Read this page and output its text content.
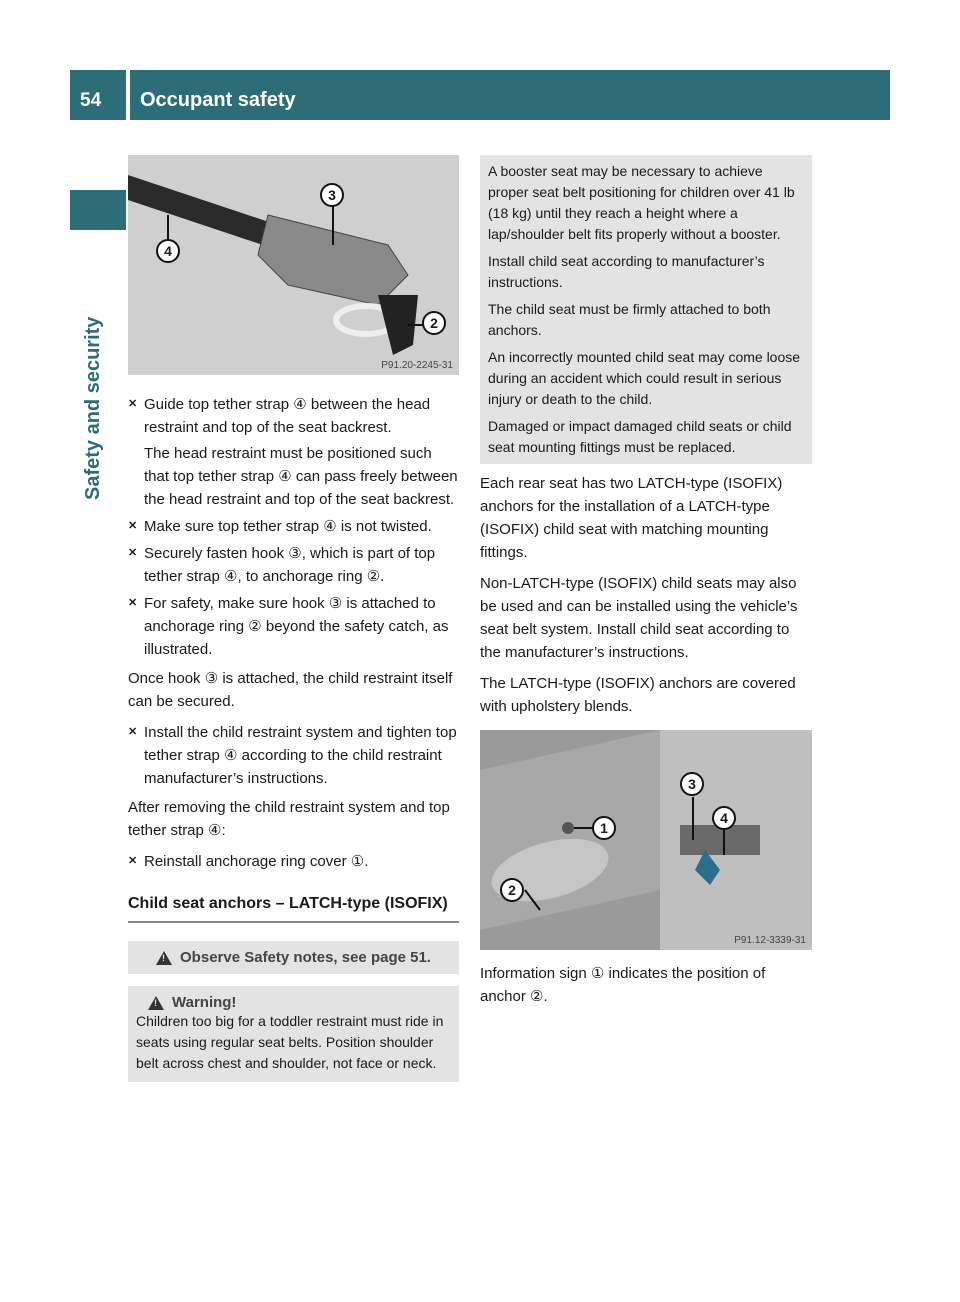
54	Occupant safety
Safety and security
3
4
2
P91.20-2245-31
✕ Guide top tether strap ④ between the head restraint and top of the seat backrest.
The head restraint must be positioned such that top tether strap ④ can pass freely between the head restraint and top of the seat backrest.
✕ Make sure top tether strap ④ is not twisted.
✕ Securely fasten hook ③, which is part of top tether strap ④, to anchorage ring ②.
✕ For safety, make sure hook ③ is attached to anchorage ring ② beyond the safety catch, as illustrated.

Once hook ③ is attached, the child restraint itself can be secured.

✕ Install the child restraint system and tighten top tether strap ④ according to the child restraint manufacturer’s instructions.

After removing the child restraint system and top tether strap ④:

✕ Reinstall anchorage ring cover ①.
Child seat anchors – LATCH-type (ISOFIX)
!
Observe Safety notes, see page 51.
!
Warning!

Children too big for a toddler restraint must ride in seats using regular seat belts. Position shoulder belt across chest and shoulder, not face or neck.

A booster seat may be necessary to achieve proper seat belt positioning for children over 41 lb (18 kg) until they reach a height where a lap/shoulder belt fits properly without a booster.

Install child seat according to manufacturer’s instructions.

The child seat must be firmly attached to both anchors.

An incorrectly mounted child seat may come loose during an accident which could result in serious injury or death to the child.

Damaged or impact damaged child seats or child seat mounting fittings must be replaced.

Each rear seat has two LATCH-type (ISOFIX) anchors for the installation of a LATCH-type (ISOFIX) child seat with matching mounting fittings.

Non-LATCH-type (ISOFIX) child seats may also be used and can be installed using the vehicle’s seat belt system. Install child seat according to the manufacturer’s instructions.

The LATCH-type (ISOFIX) anchors are covered with upholstery blends.

3
4
1
2
P91.12-3339-31

Information sign ① indicates the position of anchor ②.
